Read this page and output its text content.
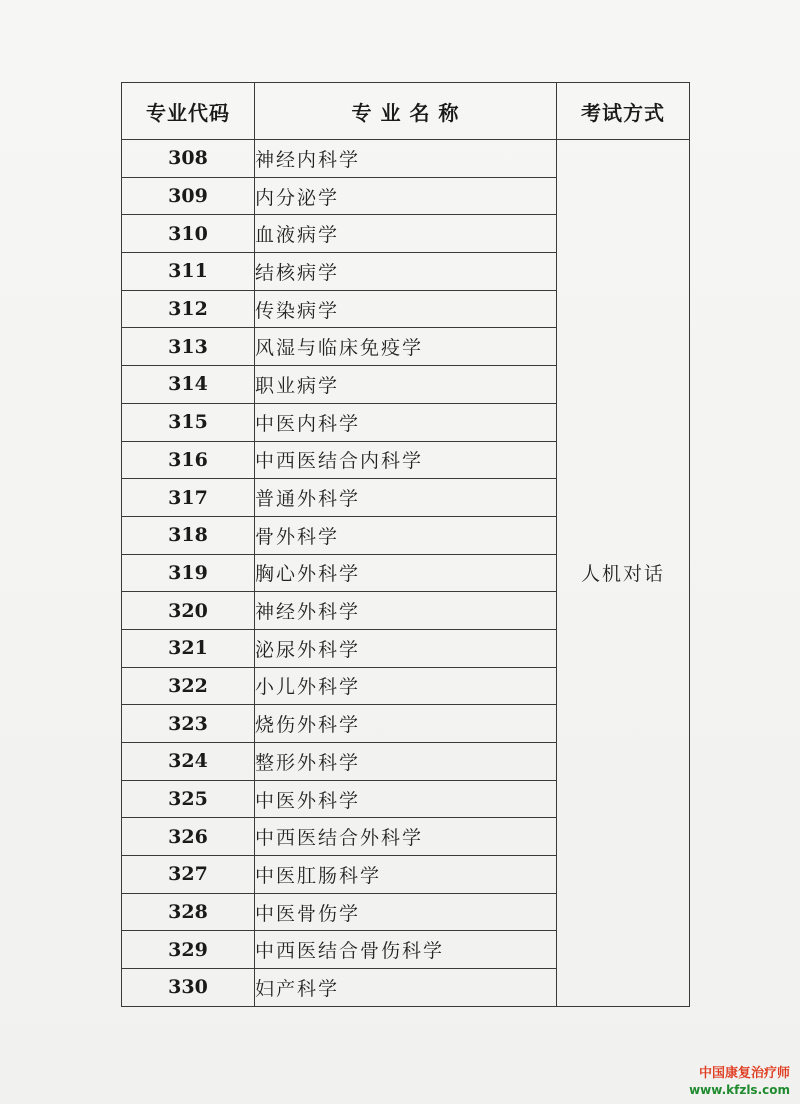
专业代码	专 业 名 称	考试方式
308	神经内科学	人机对话
309	内分泌学	
310	血液病学	
311	结核病学	
312	传染病学	
313	风湿与临床免疫学	
314	职业病学	
315	中医内科学	
316	中西医结合内科学	
317	普通外科学	
318	骨外科学	
319	胸心外科学	
320	神经外科学	
321	泌尿外科学	
322	小儿外科学	
323	烧伤外科学	
324	整形外科学	
325	中医外科学	
326	中西医结合外科学	
327	中医肛肠科学	
328	中医骨伤学	
329	中西医结合骨伤科学	
330	妇产科学	
中国康复治疗师
www.kfzls.com
